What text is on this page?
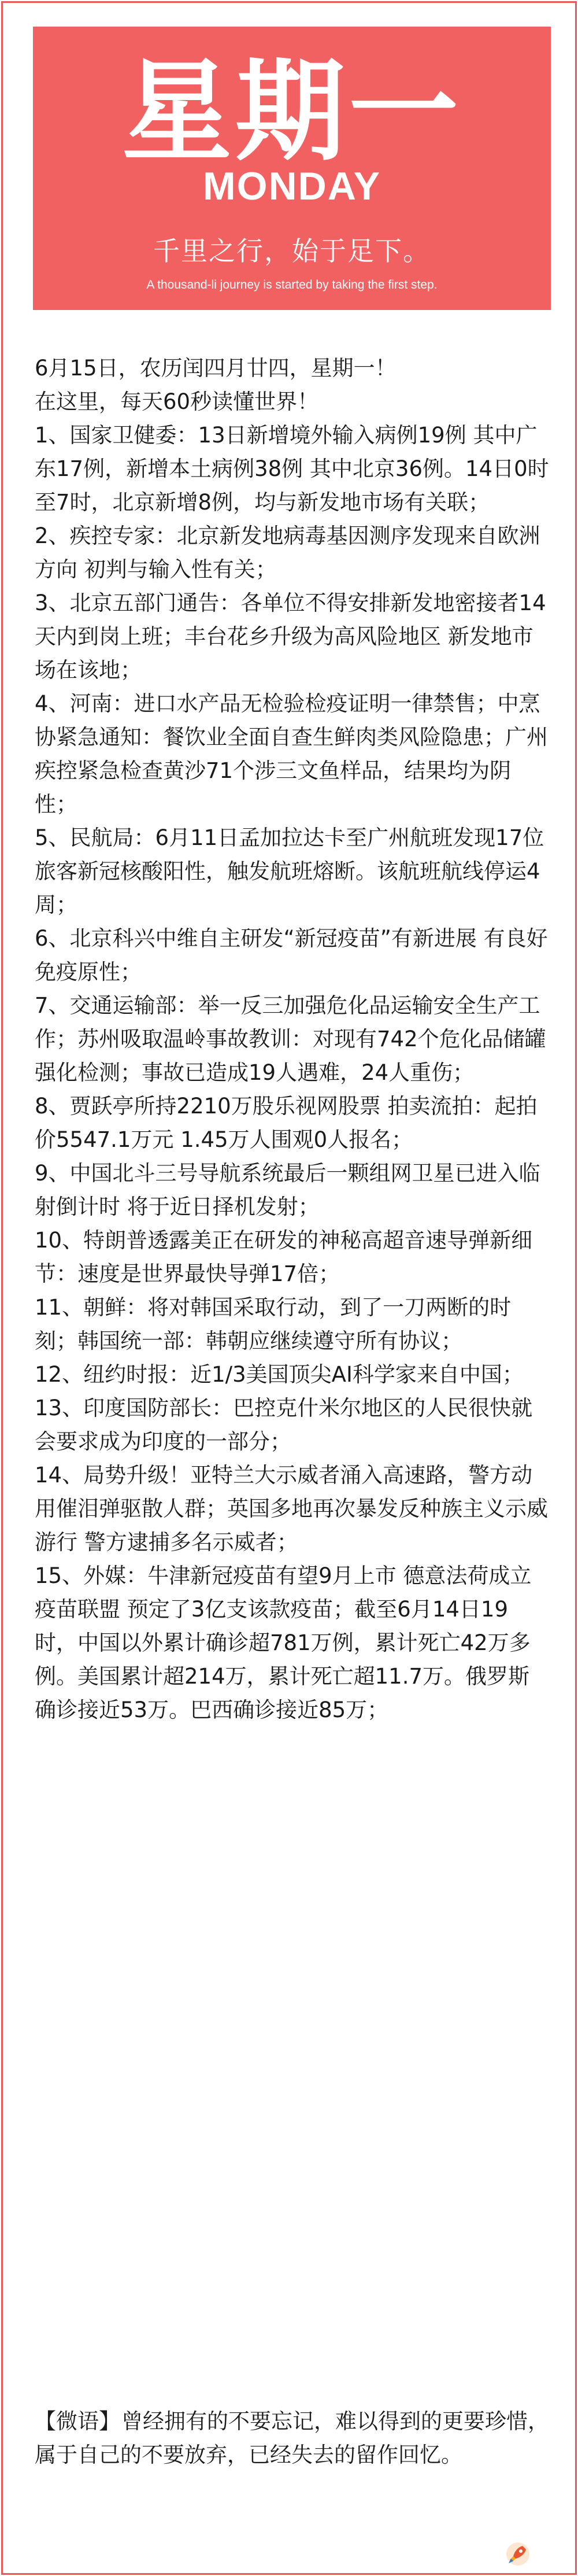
星期一
MONDAY
千里之行，始于足下。
A thousand-li journey is started by taking the first step.

6月15日，农历闰四月廿四，星期一！

在这里，每天60秒读懂世界！

1、国家卫健委：13日新增境外输入病例19例 其中广东17例，新增本土病例38例 其中北京36例。14日0时至7时，北京新增8例，均与新发地市场有关联；

2、疾控专家：北京新发地病毒基因测序发现来自欧洲方向 初判与输入性有关；

3、北京五部门通告：各单位不得安排新发地密接者14天内到岗上班；丰台花乡升级为高风险地区 新发地市场在该地；

4、河南：进口水产品无检验检疫证明一律禁售；中烹协紧急通知：餐饮业全面自查生鲜肉类风险隐患；广州疾控紧急检查黄沙71个涉三文鱼样品，结果均为阴性；

5、民航局：6月11日孟加拉达卡至广州航班发现17位旅客新冠核酸阳性，触发航班熔断。该航班航线停运4周；

6、北京科兴中维自主研发“新冠疫苗”有新进展 有良好免疫原性；

7、交通运输部：举一反三加强危化品运输安全生产工作；苏州吸取温岭事故教训：对现有742个危化品储罐强化检测；事故已造成19人遇难，24人重伤；

8、贾跃亭所持2210万股乐视网股票 拍卖流拍：起拍价5547.1万元 1.45万人围观0人报名；

9、中国北斗三号导航系统最后一颗组网卫星已进入临射倒计时 将于近日择机发射；

10、特朗普透露美正在研发的神秘高超音速导弹新细节：速度是世界最快导弹17倍；

11、朝鲜：将对韩国采取行动，到了一刀两断的时刻；韩国统一部：韩朝应继续遵守所有协议；

12、纽约时报：近1/3美国顶尖AI科学家来自中国；

13、印度国防部长：巴控克什米尔地区的人民很快就会要求成为印度的一部分；

14、局势升级！亚特兰大示威者涌入高速路，警方动用催泪弹驱散人群；英国多地再次暴发反种族主义示威游行 警方逮捕多名示威者；

15、外媒：牛津新冠疫苗有望9月上市 德意法荷成立疫苗联盟 预定了3亿支该款疫苗；截至6月14日19时，中国以外累计确诊超781万例，累计死亡42万多例。美国累计超214万，累计死亡超11.7万。俄罗斯确诊接近53万。巴西确诊接近85万；

【微语】曾经拥有的不要忘记，难以得到的更要珍惜，属于自己的不要放弃，已经失去的留作回忆。
